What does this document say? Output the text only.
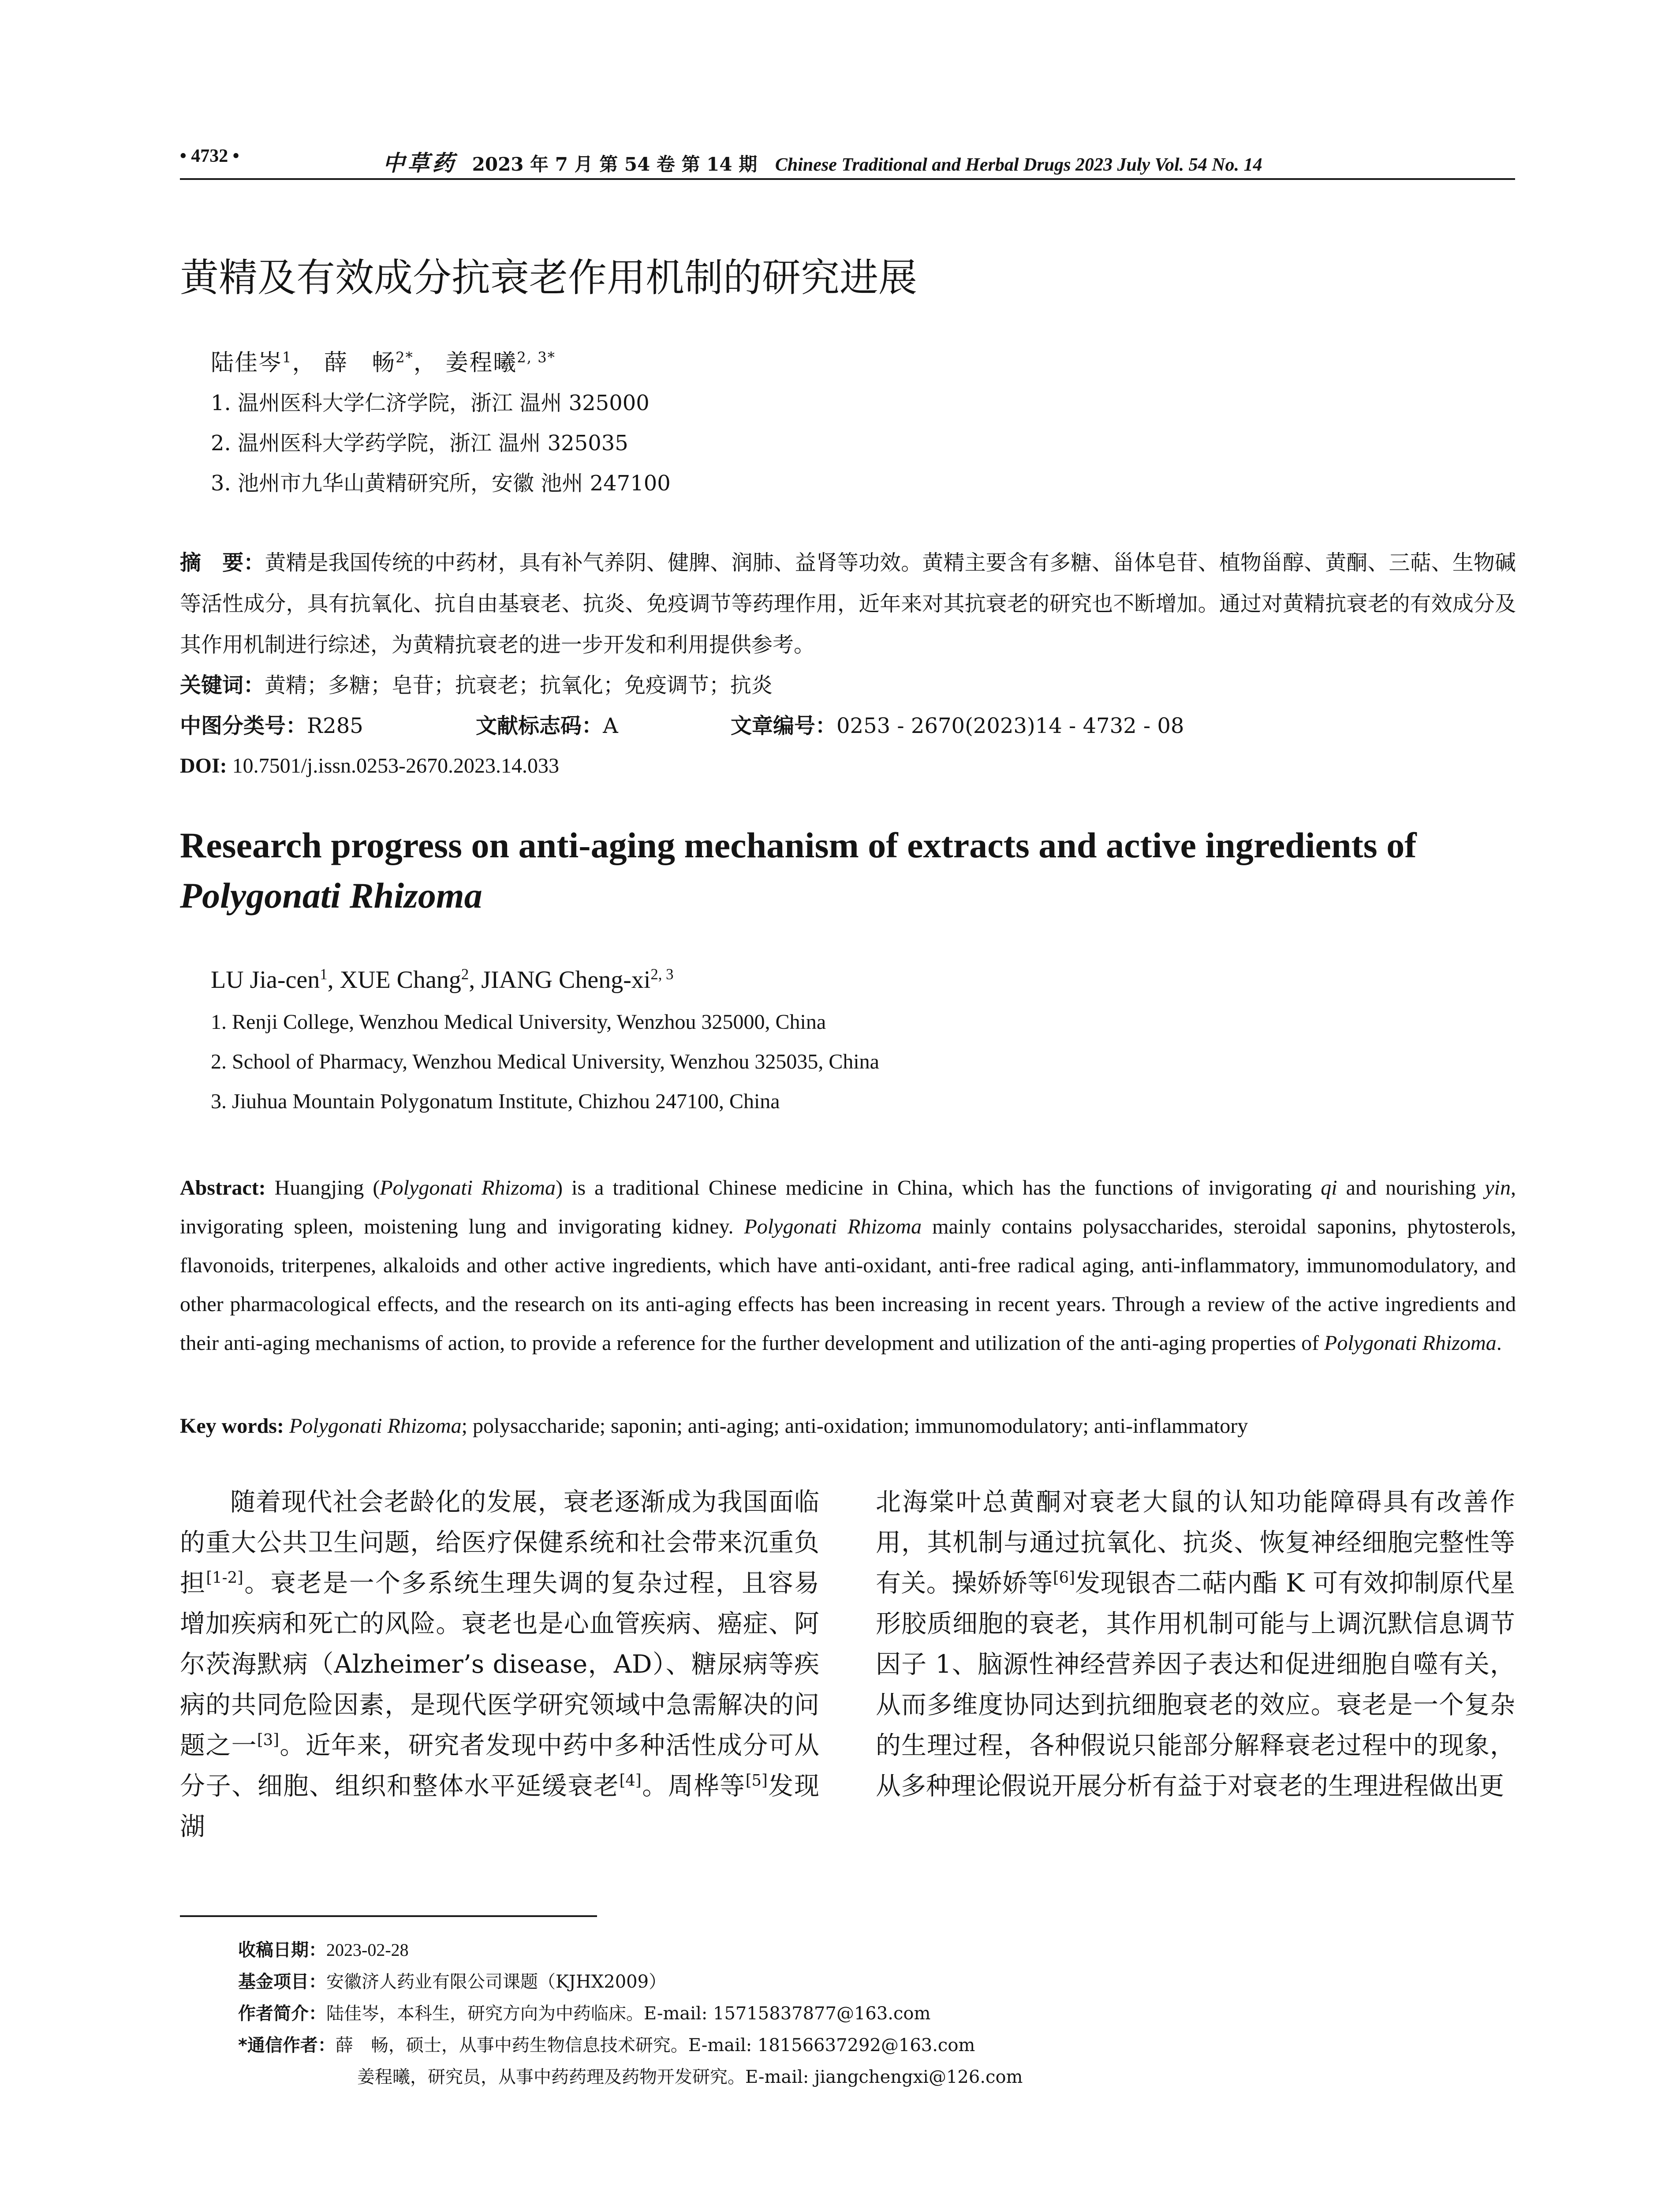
• 4732 •	中草药 2023 年 7 月 第 54 卷 第 14 期 Chinese Traditional and Herbal Drugs 2023 July Vol. 54 No. 14
黄精及有效成分抗衰老作用机制的研究进展
陆佳岑$^1$， 薛　畅$^{2*}$， 姜程曦$^{2, 3*}$
1. 温州医科大学仁济学院，浙江 温州 325000
2. 温州医科大学药学院，浙江 温州 325035
3. 池州市九华山黄精研究所，安徽 池州 247100
摘　要：黄精是我国传统的中药材，具有补气养阴、健脾、润肺、益肾等功效。黄精主要含有多糖、甾体皂苷、植物甾醇、黄酮、三萜、生物碱等活性成分，具有抗氧化、抗自由基衰老、抗炎、免疫调节等药理作用，近年来对其抗衰老的研究也不断增加。通过对黄精抗衰老的有效成分及其作用机制进行综述，为黄精抗衰老的进一步开发和利用提供参考。
关键词：黄精；多糖；皂苷；抗衰老；抗氧化；免疫调节；抗炎
中图分类号：R285	文献标志码：A	文章编号：0253 - 2670(2023)14 - 4732 - 08
DOI: 10.7501/j.issn.0253-2670.2023.14.033
Research progress on anti-aging mechanism of extracts and active ingredients of
Polygonati Rhizoma
LU Jia-cen$^1$, XUE Chang$^2$, JIANG Cheng-xi$^{2, 3}$
1. Renji College, Wenzhou Medical University, Wenzhou 325000, China
2. School of Pharmacy, Wenzhou Medical University, Wenzhou 325035, China
3. Jiuhua Mountain Polygonatum Institute, Chizhou 247100, China
Abstract: Huangjing (Polygonati Rhizoma) is a traditional Chinese medicine in China, which has the functions of invigorating qi and nourishing yin, invigorating spleen, moistening lung and invigorating kidney. Polygonati Rhizoma mainly contains polysaccharides, steroidal saponins, phytosterols, flavonoids, triterpenes, alkaloids and other active ingredients, which have anti-oxidant, anti-free radical aging, anti-inflammatory, immunomodulatory, and other pharmacological effects, and the research on its anti-aging effects has been increasing in recent years. Through a review of the active ingredients and their anti-aging mechanisms of action, to provide a reference for the further development and utilization of the anti-aging properties of Polygonati Rhizoma.
Key words: Polygonati Rhizoma; polysaccharide; saponin; anti-aging; anti-oxidation; immunomodulatory; anti-inflammatory

随着现代社会老龄化的发展，衰老逐渐成为我国面临的重大公共卫生问题，给医疗保健系统和社会带来沉重负担[1-2]。衰老是一个多系统生理失调的复杂过程，且容易增加疾病和死亡的风险。衰老也是心血管疾病、癌症、阿尔茨海默病（Alzheimer’s disease，AD）、糖尿病等疾病的共同危险因素，是现代医学研究领域中急需解决的问题之一[3]。近年来，研究者发现中药中多种活性成分可从分子、细胞、组织和整体水平延缓衰老[4]。周桦等[5]发现湖

北海棠叶总黄酮对衰老大鼠的认知功能障碍具有改善作用，其机制与通过抗氧化、抗炎、恢复神经细胞完整性等有关。操娇娇等[6]发现银杏二萜内酯 K 可有效抑制原代星形胶质细胞的衰老，其作用机制可能与上调沉默信息调节因子 1、脑源性神经营养因子表达和促进细胞自噬有关，从而多维度协同达到抗细胞衰老的效应。衰老是一个复杂的生理过程，各种假说只能部分解释衰老过程中的现象，从多种理论假说开展分析有益于对衰老的生理进程做出更

收稿日期：2023-02-28
基金项目：安徽济人药业有限公司课题（KJHX2009）
作者简介：陆佳岑，本科生，研究方向为中药临床。E-mail: 15715837877@163.com
*通信作者：薛　畅，硕士，从事中药生物信息技术研究。E-mail: 18156637292@163.com
姜程曦，研究员，从事中药药理及药物开发研究。E-mail: jiangchengxi@126.com
